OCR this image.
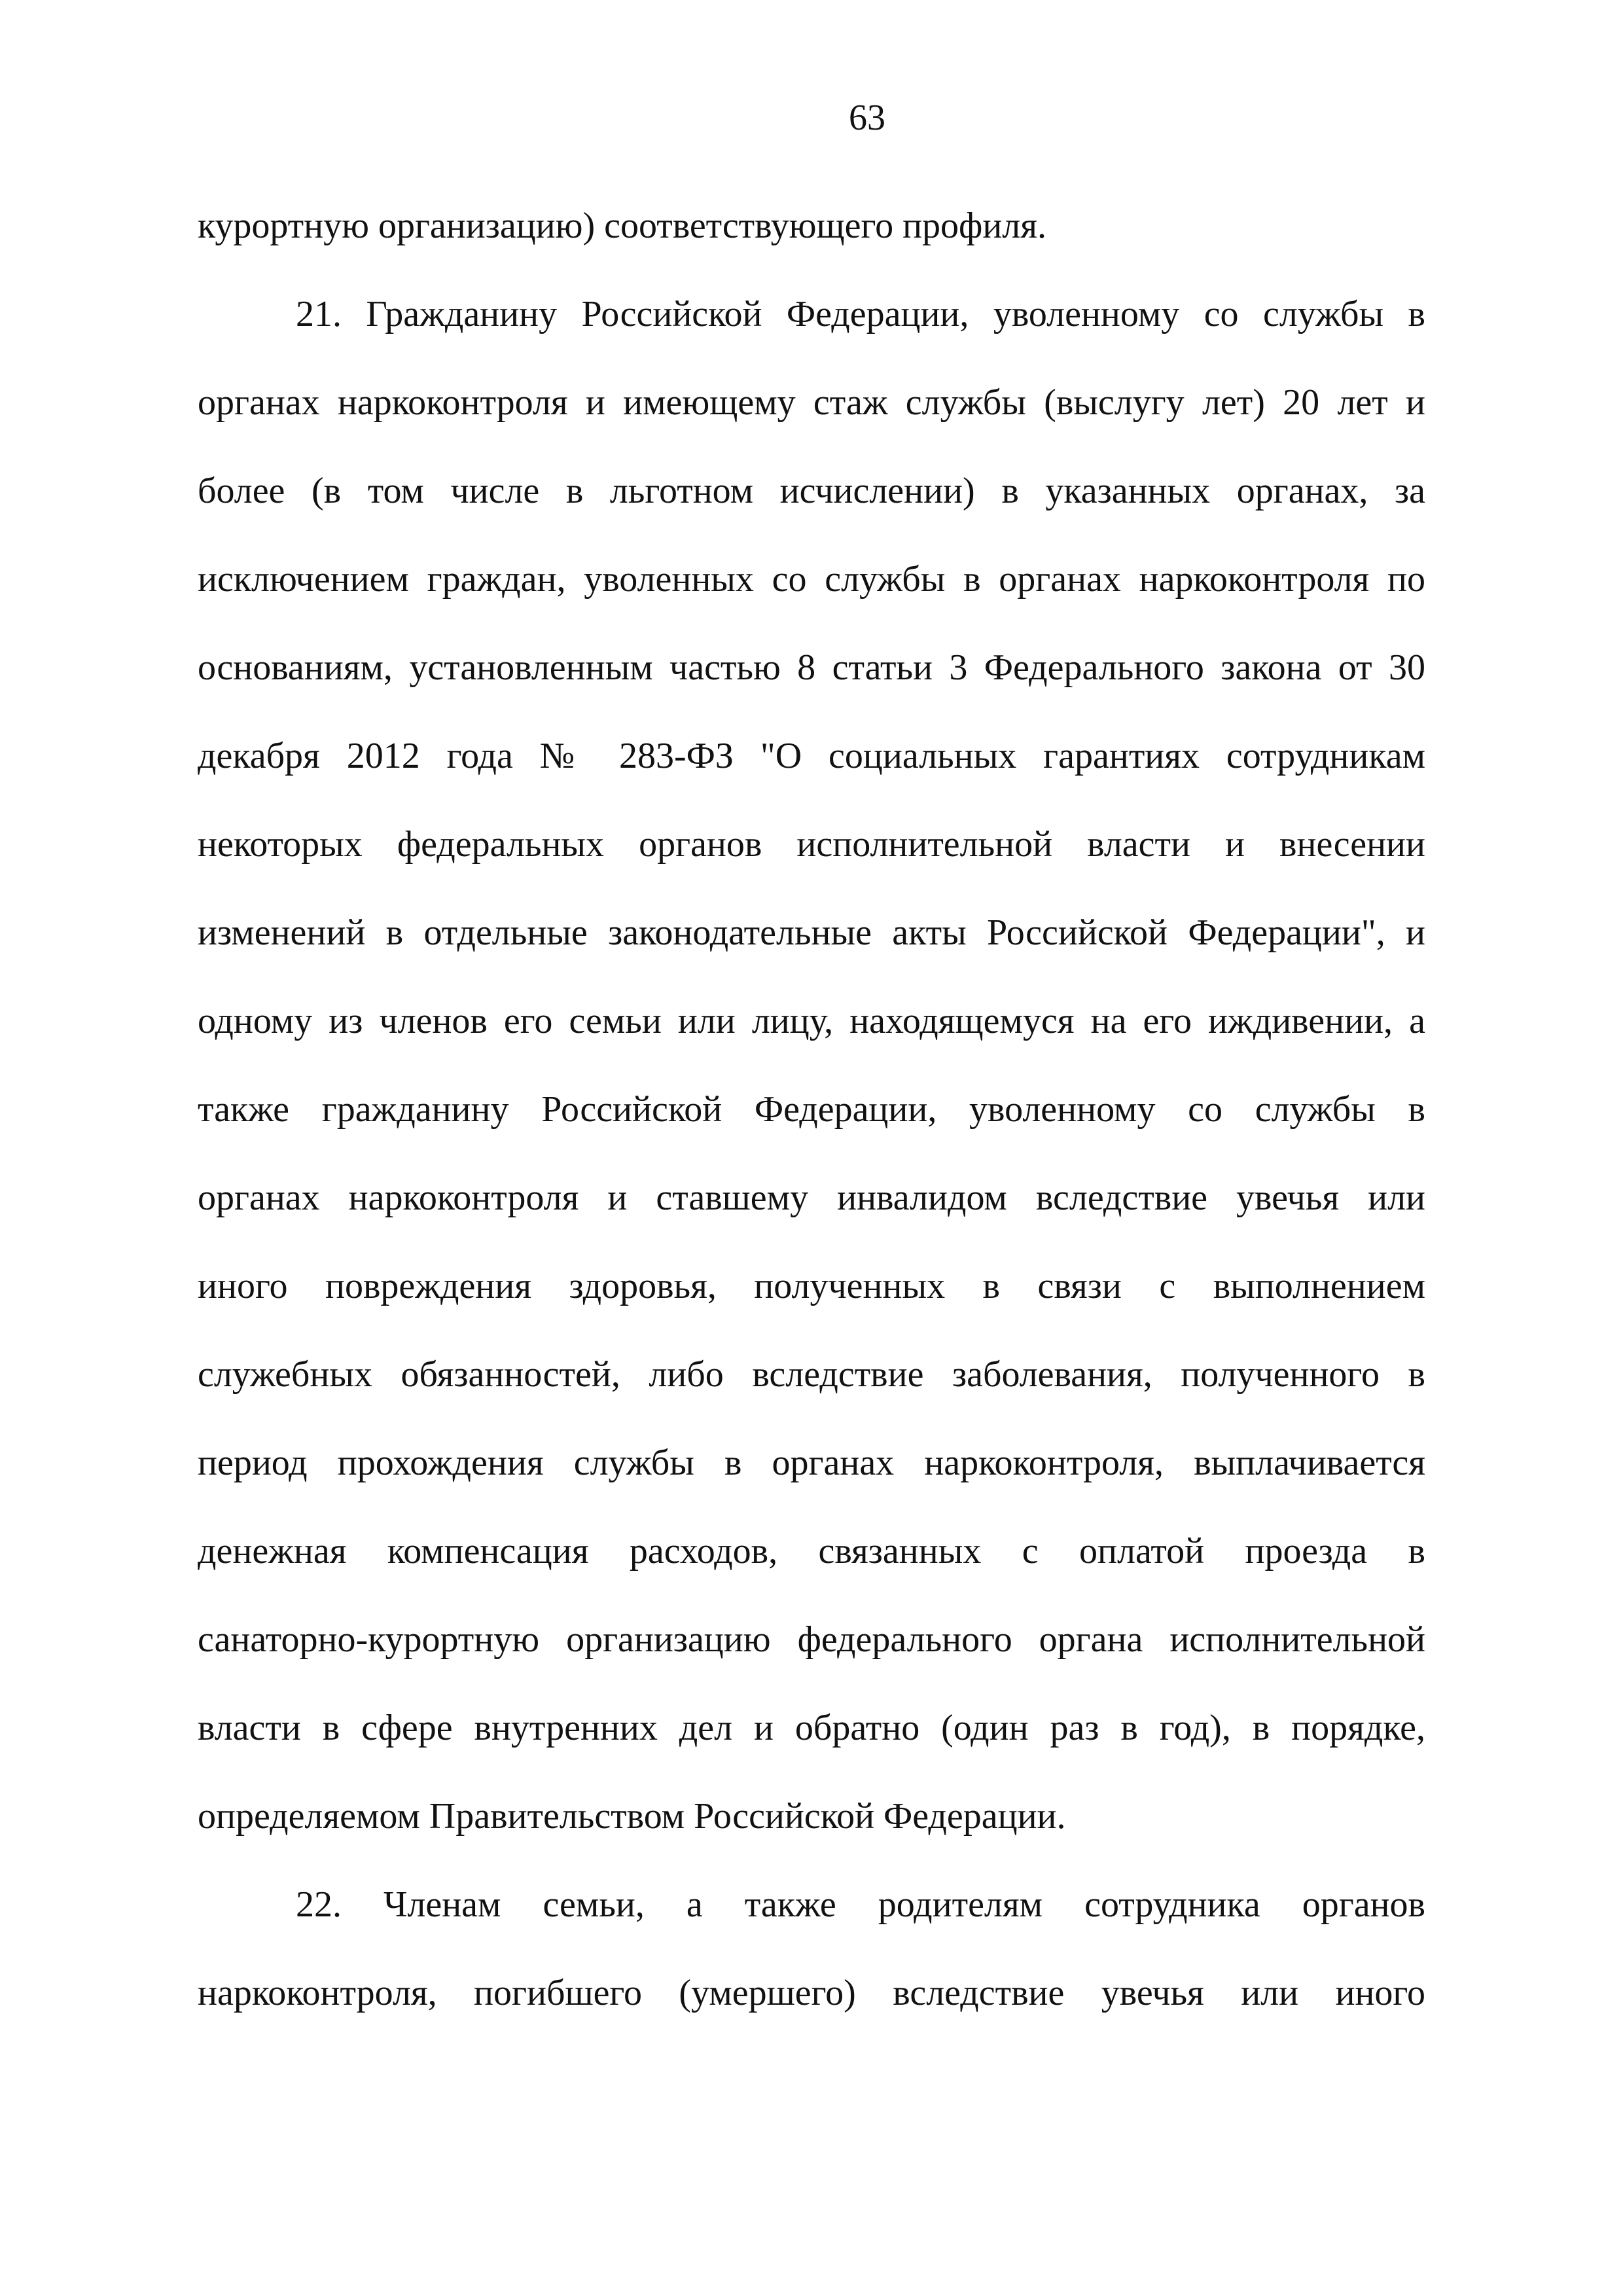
63
курортную организацию) соответствующего профиля.
21. Гражданину Российской Федерации, уволенному со службы в
органах наркоконтроля и имеющему стаж службы (выслугу лет) 20 лет и
более (в том числе в льготном исчислении) в указанных органах, за
исключением граждан, уволенных со службы в органах наркоконтроля по
основаниям, установленным частью 8 статьи 3 Федерального закона от 30
декабря 2012 года № 283-ФЗ "О социальных гарантиях сотрудникам
некоторых федеральных органов исполнительной власти и внесении
изменений в отдельные законодательные акты Российской Федерации", и
одному из членов его семьи или лицу, находящемуся на его иждивении, а
также гражданину Российской Федерации, уволенному со службы в
органах наркоконтроля и ставшему инвалидом вследствие увечья или
иного повреждения здоровья, полученных в связи с выполнением
служебных обязанностей, либо вследствие заболевания, полученного в
период прохождения службы в органах наркоконтроля, выплачивается
денежная компенсация расходов, связанных с оплатой проезда в
санаторно-курортную организацию федерального органа исполнительной
власти в сфере внутренних дел и обратно (один раз в год), в порядке,
определяемом Правительством Российской Федерации.
22. Членам семьи, а также родителям сотрудника органов
наркоконтроля, погибшего (умершего) вследствие увечья или иного
